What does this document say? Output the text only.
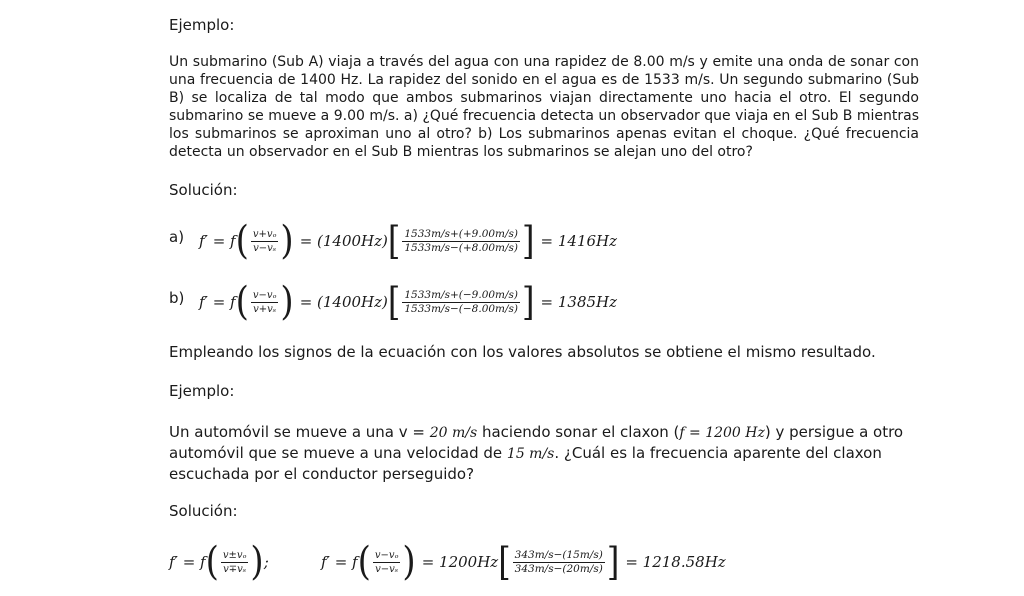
Ejemplo:
Un submarino (Sub A) viaja a través del agua con una rapidez de 8.00 m/s y emite una onda de sonar con una frecuencia de 1400 Hz. La rapidez del sonido en el agua es de 1533 m/s. Un segundo submarino (Sub B) se localiza de tal modo que ambos submarinos viajan directamente uno hacia el otro. El segundo submarino se mueve a 9.00 m/s. a) ¿Qué frecuencia detecta un observador que viaja en el Sub B mientras los submarinos se aproximan uno al otro? b) Los submarinos apenas evitan el choque. ¿Qué frecuencia detecta un observador en el Sub B mientras los submarinos se alejan uno del otro?
Solución:
a) f′ = f ( $\frac{\text{v+vₒ}}{\text{v−vₛ}}$ ) = (1400Hz) [ $\frac{1533m/s+(+9.00m/s)}{1533m/s-(+8.00m/s)}$ ] = 1416Hz
b) f′ = f ( $\frac{\text{v−vₒ}}{\text{v+vₛ}}$ ) = (1400Hz) [ $\frac{1533m/s+(-9.00m/s)}{1533m/s-(-8.00m/s)}$ ] = 1385Hz
Empleando los signos de la ecuación con los valores absolutos se obtiene el mismo resultado.
Ejemplo:
Un automóvil se mueve a una v = 20 m/s haciendo sonar el claxon (f = 1200 Hz) y persigue a otro automóvil que se mueve a una velocidad de 15 m/s. ¿Cuál es la frecuencia aparente del claxon escuchada por el conductor perseguido?
Solución:
f′ = f ( $\frac{\text{v±vₒ}}{\text{v∓vₛ}}$ ) ;	f′ = f ( $\frac{\text{v−vₒ}}{\text{v−vₛ}}$ ) = 1200Hz [ $\frac{343m/s-(15m/s)}{343m/s-(20m/s)}$ ] = 1218.58Hz
